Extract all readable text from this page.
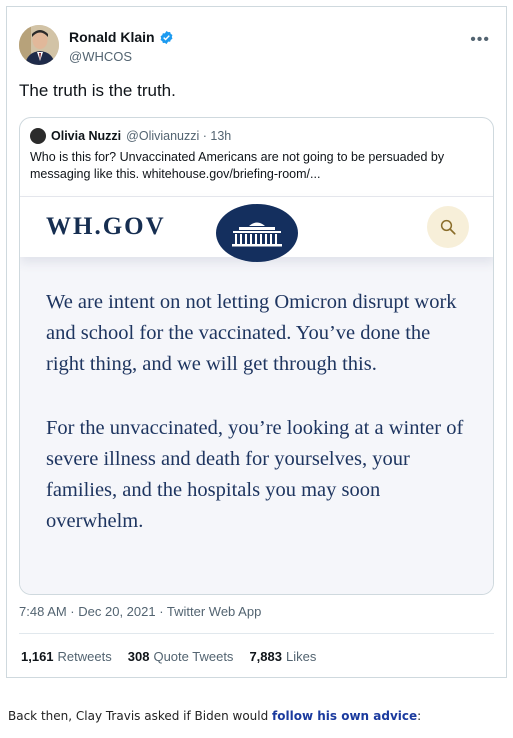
Ronald Klain
@WHCOS
•••
The truth is the truth.
Olivia Nuzzi @Olivianuzzi · 13h
Who is this for? Unvaccinated Americans are not going to be persuaded by messaging like this. whitehouse.gov/briefing-room/...
WH.GOV

We are intent on not letting Omicron disrupt work and school for the vaccinated. You’ve done the right thing, and we will get through this.

For the unvaccinated, you’re looking at a winter of severe illness and death for yourselves, your families, and the hospitals you may soon overwhelm.

7:48 AM · Dec 20, 2021 · Twitter Web App
1,161 Retweets 308 Quote Tweets 7,883 Likes
Back then, Clay Travis asked if Biden would follow his own advice:
